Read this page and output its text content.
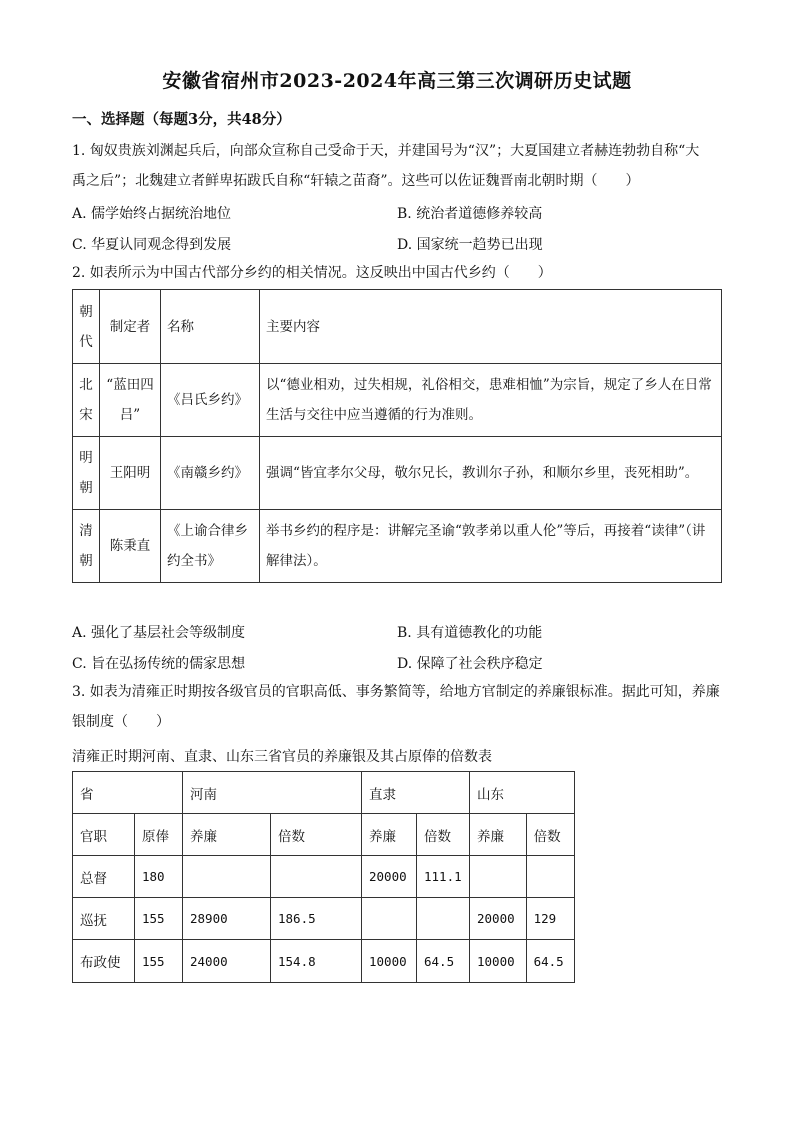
安徽省宿州市2023-2024年高三第三次调研历史试题
一、选择题（每题3分，共48分）
1. 匈奴贵族刘渊起兵后，向部众宣称自己受命于天，并建国号为“汉”；大夏国建立者赫连勃勃自称“大
禹之后”；北魏建立者鲜卑拓跋氏自称“轩辕之苗裔”。这些可以佐证魏晋南北朝时期（　　）
A. 儒学始终占据统治地位	B. 统治者道德修养较高
C. 华夏认同观念得到发展	D. 国家统一趋势已出现
2. 如表所示为中国古代部分乡约的相关情况。这反映出中国古代乡约（　　）
朝代	制定者	名称	主要内容
北宋	“蓝田四吕”	《吕氏乡约》	以“德业相劝，过失相规，礼俗相交，患难相恤”为宗旨，规定了乡人在日常生活与交往中应当遵循的行为准则。
明朝	王阳明	《南赣乡约》	强调“皆宜孝尔父母，敬尔兄长，教训尔子孙，和顺尔乡里，丧死相助”。
清朝	陈秉直	《上谕合律乡约全书》	举书乡约的程序是：讲解完圣谕“敦孝弟以重人伦”等后，再接着“读律”（讲解律法）。
A. 强化了基层社会等级制度	B. 具有道德教化的功能
C. 旨在弘扬传统的儒家思想	D. 保障了社会秩序稳定
3. 如表为清雍正时期按各级官员的官职高低、事务繁简等，给地方官制定的养廉银标准。据此可知，养廉
银制度（　　）
清雍正时期河南、直隶、山东三省官员的养廉银及其占原俸的倍数表
省		河南		直隶		山东	
官职	原俸	养廉	倍数	养廉	倍数	养廉	倍数
总督	180			20000	111.1		
巡抚	155	28900	186.5			20000	129
布政使	155	24000	154.8	10000	64.5	10000	64.5
